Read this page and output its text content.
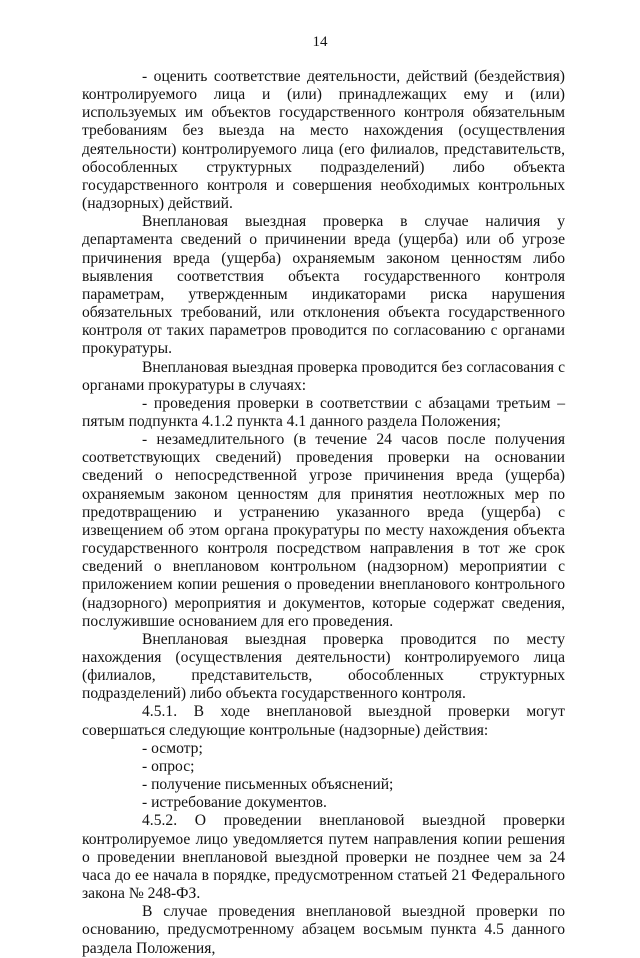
14

- оценить соответствие деятельности, действий (бездействия) контролируемого лица и (или) принадлежащих ему и (или) используемых им объектов государственного контроля обязательным требованиям без выезда на место нахождения (осуществления деятельности) контролируемого лица (его филиалов, представительств, обособленных структурных подразделений) либо объекта государственного контроля и совершения необходимых контрольных (надзорных) действий.

Внеплановая выездная проверка в случае наличия у департамента сведений о причинении вреда (ущерба) или об угрозе причинения вреда (ущерба) охраняемым законом ценностям либо выявления соответствия объекта государственного контроля параметрам, утвержденным индикаторами риска нарушения обязательных требований, или отклонения объекта государственного контроля от таких параметров проводится по согласованию с органами прокуратуры.

Внеплановая выездная проверка проводится без согласования с органами прокуратуры в случаях:

- проведения проверки в соответствии с абзацами третьим – пятым подпункта 4.1.2 пункта 4.1 данного раздела Положения;

- незамедлительного (в течение 24 часов после получения соответствующих сведений) проведения проверки на основании сведений о непосредственной угрозе причинения вреда (ущерба) охраняемым законом ценностям для принятия неотложных мер по предотвращению и устранению указанного вреда (ущерба) с извещением об этом органа прокуратуры по месту нахождения объекта государственного контроля посредством направления в тот же срок сведений о внеплановом контрольном (надзорном) мероприятии с приложением копии решения о проведении внепланового контрольного (надзорного) мероприятия и документов, которые содержат сведения, послужившие основанием для его проведения.

Внеплановая выездная проверка проводится по месту нахождения (осуществления деятельности) контролируемого лица (филиалов, представительств, обособленных структурных подразделений) либо объекта государственного контроля.

4.5.1. В ходе внеплановой выездной проверки могут совершаться следующие контрольные (надзорные) действия:

- осмотр;

- опрос;

- получение письменных объяснений;

- истребование документов.

4.5.2. О проведении внеплановой выездной проверки контролируемое лицо уведомляется путем направления копии решения о проведении внеплановой выездной проверки не позднее чем за 24 часа до ее начала в порядке, предусмотренном статьей 21 Федерального закона № 248-ФЗ.

В случае проведения внеплановой выездной проверки по основанию, предусмотренному абзацем восьмым пункта 4.5 данного раздела Положения,
